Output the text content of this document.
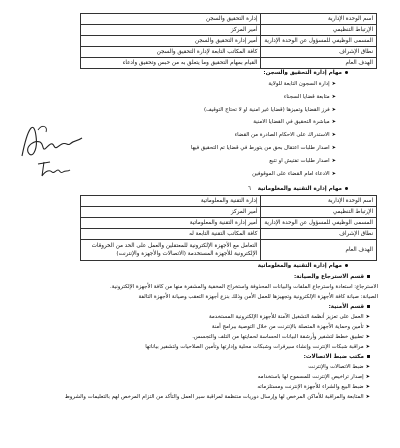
اسم الوحدة الإدارية	إدارة التحقيق والسجن
الإرتباط التنظيمي	أمير المركز
المسمى الوظيفي للمسؤول عن الوحدة الإدارية	أمير إدارة التحقيق والسجن
نطاق الإشراف	كافة المكاتب التابعة لإدارة التحقيق والسجن
الهدف العام	القيام بمهام التحقيق وما يتعلق به من حبس وتحقيق وادعاء
مهام إدارة التحقيق والسجن:
➤إدارة السجون التابعة للولاية
➤متابعة قضايا السجناء
➤فرز القضايا وتميزها (قضايا غير امنية او لا تحتاج التوقيف)
➤مباشرة التحقيق في القضايا الامنية
➤الاستدراك على الاحكام الصادرة من القضاء
➤اصدار طلبات اعتقال بحق من يتورط في قضايا تم التحقيق فيها
➤اصدار طلبات تفتيش او تتبع
➤الادعاء امام القضاء على الموقوفين
٦ مهام إدارة التقنية والمعلوماتية
اسم الوحدة الإدارية	إدارة التقنية والمعلوماتية
الإرتباط التنظيمي	أمير المركز
المسمى الوظيفي للمسؤول عن الوحدة الإدارية	أمير إدارة التقنية والمعلوماتية
نطاق الإشراف	كافة المكاتب التقنية التابعة له
الهدف العام	التعامل مع الأجهزة الإلكترونية للمعتقلين والعمل على الحد من الخروقات
الإلكترونية للأجهزة المستخدمة (الاتصالات والأجهزة والإنترنت)
مهام إدارة التقنية والمعلوماتية
قسم الاسترجاع والصيانة:
الاسترجاع: استعادة واسترجاع الملفات والبيانات المحذوفة واستخراج المخفية والمشفرة منها من كافة الأجهزة الإلكترونية.
الصيانة: صيانة كافة الأجهزة الإلكترونية وتجهيزها للعمل الأمن وذلك بنزع أجهزة التعقب وصيانة الأجهزة التالفة
قسم الأمنية:
➤العمل على تعزيز أنظمة التشغيل الآمنة للأجهزة الإلكترونية المستخدمة
➤تأمين وحماية الأجهزة المتصلة بالإنترنت من خلال التوصية ببرامج آمنة
➤تطبيق خطط لتشفير وأرشفة البيانات الحساسة لحمايتها من التلف والتجسس.
➤مراقبة شبكات الإنترنت وإنشاء سيرفرات وشبكات محلية وإدارتها وتأمين الصلاحيات ولتشفير بياناتها
مكتب ضبط الاتصالات:
➤ضبط الاتصالات والإنترنت
➤إصدار تراخيص الإنترنت للمسموح لها باستخدامه
➤ضبط البيع والشراء للأجهزة الإنترنت ومستلزماته
➤المتابعة والمراقبة للأماكن المرخص لها وإرسال دوريات منتظمة لمراقبة سير العمل والتأكد من التزام المرخص لهم بالتعليمات والشروط
